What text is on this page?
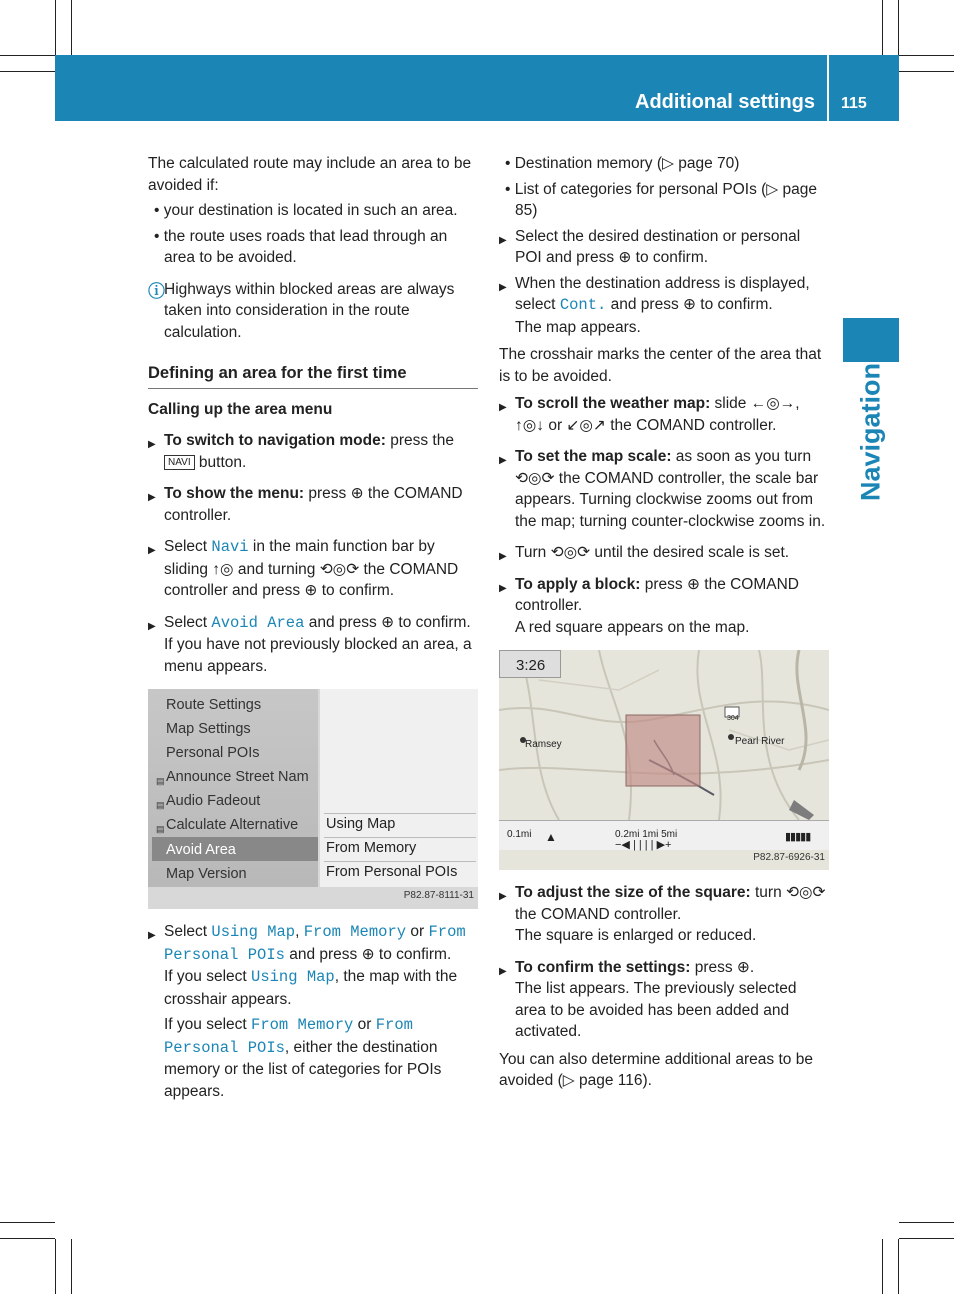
Additional settings 115
Navigation

The calculated route may include an area to be avoided if:

• your destination is located in such an area.

• the route uses roads that lead through an area to be avoided.

ⓘ Highways within blocked areas are always taken into consideration in the route calculation.

Defining an area for the first time

Calling up the area menu

▶ To switch to navigation mode: press the NAVI button.
▶ To show the menu: press ⊕ the COMAND controller.
▶ Select Navi in the main function bar by sliding ↑◎ and turning ⟲◎⟳ the COMAND controller and press ⊕ to confirm.
▶ Select Avoid Area and press ⊕ to confirm.

If you have not previously blocked an area, a menu appears.

Route Settings
Map Settings
Personal POIs
▤ Announce Street Nam
▤ Audio Fadeout
▤ Calculate Alternative
Avoid Area
Map Version
Using Map
From Memory
From Personal POIs
P82.87-8111-31
▶ Select Using Map, From Memory or From Personal POIs and press ⊕ to confirm.

If you select Using Map, the map with the crosshair appears.

If you select From Memory or From Personal POIs, either the destination memory or the list of categories for POIs appears.

• Destination memory (▷ page 70)

• List of categories for personal POIs (▷ page 85)

▶ Select the desired destination or personal POI and press ⊕ to confirm.
▶ When the destination address is displayed, select Cont. and press ⊕ to confirm.

The map appears.

The crosshair marks the center of the area that is to be avoided.

▶ To scroll the weather map: slide ←◎→, ↑◎↓ or ↙◎↗ the COMAND controller.
▶ To set the map scale: as soon as you turn ⟲◎⟳ the COMAND controller, the scale bar appears. Turning clockwise zooms out from the map; turning counter-clockwise zooms in.
▶ Turn ⟲◎⟳ until the desired scale is set.
▶ To apply a block: press ⊕ the COMAND controller.

A red square appears on the map.

3:26
Ramsey	Pearl River
304
0.1mi ▲	0.2mi 1mi 5mi
−◀ | | | | ▶+
▮▮▮▮▮
P82.87-6926-31
▶ To adjust the size of the square: turn ⟲◎⟳ the COMAND controller.

The square is enlarged or reduced.

▶ To confirm the settings: press ⊕.

The list appears. The previously selected area to be avoided has been added and activated.

You can also determine additional areas to be avoided (▷ page 116).
